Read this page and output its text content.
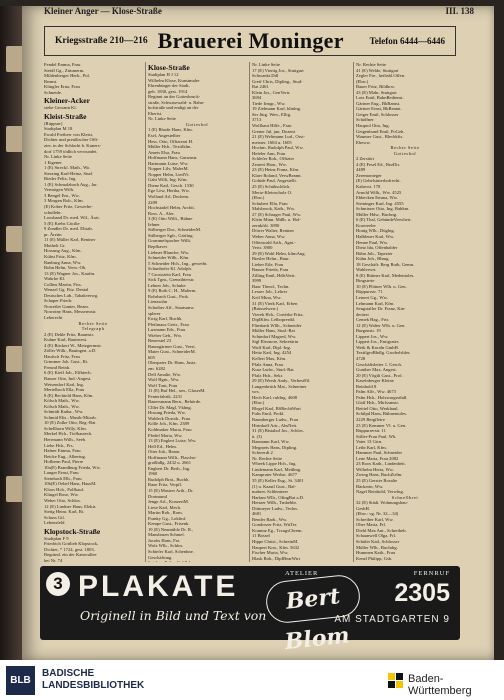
Kleiner Anger — Klose-Straße	III. 138
Kriegsstraße 210—216 Brauerei Moninger	Telefon 6444—6446
Fendel Emma, Frau
Steidl Gg., Zimmerm.
Mildenberger Herb., Pol.
Beamt.
Klingler Erna, Frau
Schneide.
Kleiner-Acker
siehe Gewann Kl.
Kleist-Straße
(Rüppurr)
Stadtplan M 18
Ewald Freiherr von Kleist,
Dichter und preußischer Offi-
zier, in der Schlacht b. Kuners-
dorf 1759 tödlich verwundet.
Nr. Linke Seite
1 Eigener
1 (E) Streckf. Math., Wo.
Sterzing Karl-Heinz, Stud.
Bieder Felix, Ing.
1 (E) Schmalzbach Aug., Jur.
Vermögen Wilh.
3 Bengel Em., Ww.
3 Morgen Rob., Kfm.
(E) Kober Fritz, Gewerbe-
schullehr.
Loosband Dr. med. Wil., Ärzt.
5 (E) Krebs Cäcilie
9 Zondler Dr. med. Elisab.
pr. Ärztin
11 (E) Müller Karl, Rentner
Muthelt Gr.
Horsung Aug., Kfm.
Kühst Fritz, Kfm.
Banburg Anna, Ww.
Bohn Helm, Verw.-Ob.
13 (E) Wagner Jos., Kaufm.
Wahrke Kl.
Collins Martin, Fiss.
Wenzel Gg. Fitz. Dental
Deutsches Lab., Tabakverwg.
Schaper Friedr.
Noweiler Gunter, Beam.
Nowotny Hans, Messermstr.
Leberecht
Rechte Seite
Telegraph
2 (E) Dehle Fritz, Baumstr.
Kuhne Karl, Bauinvest.
4 (E) Rückert W., Metzgermstr.
Zöller Wilh., Bauingen. a.D.
Haufsch Fritz, Frau
Grimmer Joh. Gust., Rt.
Freund Reinh.
6 (E) Kieff Joh., Elfbtech.
Bauser Otto, Ind.-Angest.
Weisendorf Karl, Ing.
Mertelbach Ella, Frau
8 (E) Bechtold Hans, Kfm.
Kölsch Math., Ww.
Kölsch Math., Ww.
Schmidt Katha., Ww.
Schmid Elis., Musik-Mitarb.
10 (E) Zolke Otto, Reg.-Rat
Schellhorn Willy, Kfm.
Merkel Hch., Tiefbautech.
Herrmann Wilh., Seeb.
Liehe Hch., Frs.
Hafner Emma, Frau
Beicke Eug., Albertug.
Hofherm Paul, Pierre
10a(E) Brandburg Frieda, Ww.
Langer Ernst, Frau
Steinbach Elb., Frau
10b(E) Oehel Hans, HausM.
Kloos Hch., Polfkauf.
Klingel Rose, Ww.
Weber Otto, Schlos.
12 (E) Lindner Hans, Elektr.
Stetig Heinr. Karl, Rt.
Schuss Gtl.
Lebensfeld
Klopstock-Straße
Stadtplan F 9
Friedrich Gottlieb Klopstock,
Dichter, * 1724, gest. 1803,
Begründ. ein der Kaiserallee
bei Nr. 74
Klose-Straße
Stadtplan H J 12
Wilhelm Klose, Kunstmaler
Ehrenbürger der Stadt,
geb. 1830, gest. 1914
Beginnt an der Gottesbruck-
straße, Schwarzwald- u. Bahn-
hofstraße und endigt an der
Ebertst.
Nr. Linke Seite
Gotteshof
1 (E) Rhode Hans, Kfm.
Esel, Angestellter
Hess. Otto, Offizierat H.
Müller Hch., Textilklm.
Ameis Elsa, Frau
Hoffmann Hans, Gutsmstr.
Hartmann Luise, Ww.
Nopper Lilv, MalerM.
Nopper Helm, LiedVt.
Gabi Willi, Ing. Kfm.
Dienz Karl, Gesch. 1330
Ege Löw, Hertha, Ww.
Wolland Arl, Dechem.
2209
Hochstadel Helm, Archit.
Ross. A., Aler.
3 (E) Otto Willi., Bühne
Iehner
Stilberger Dor., SchneiderM.
Stilberger Sgfr., Gärfing.
Grommelspacher Willi.
Repfhaver
Liebner Blanche, Ww.
Schneider Wilh., Kfm.
5 Schneider Hch., Ing., gewerbt.
Schunhofer Kl. Adolph.
7 Grossstein Karl, Frau
Sick Tgm., Grenzthierstr.
Lehner Joh., Schuhe
9 (E) Roth C. H., Malerm.
Rohrbach Gust., Prok.
Lienzsohn
Schoiber Aff., Staatsanw.
splerer
Ewig Karl, Buchh.
Pfeilmaus Gertr., Frau
Luxmann Erb., Frau
Wieber Geb., Ww.
Beuerstel 23
Baumgärtner Gust., Verst.
Maier Gust., SchneiderM.
605
Oberpaier Dr. Hans, Justz.
zm. 6282
Dell Amalie, Ww.
Wolf Hgm., Ww.
Wolf Toni, Frau
11 (E) Buf Hel., sen., GlaserM.
Fenterfabrik. 2231
Bauersmann Bern., Behörde.
Clllet Dr. Magl, Vkhng.
Hosung Frieda, Ww.
Waldeck Dorotb., Frau
Kölle Joh., Kfm. 2389
Koldmaker Maria, Frau
Pfedel Maria, Ww.
13 (E) Englert Luise, Ww.
Hell Ed., Helm.
Otter Job., Beam.
Hoffmann Willi., Flaschn-
großhdlg. 2432 u. 2661
Engbert Dr. Berh., Ing.
1960
Rudolph Brat., Buchh.
Raue Fritz, Verpfl.
15 (E) Mastrer Arth., Dr.
Dortmund
Jenge Arl., KonzertM.
Liese Karl, Mech.
Martin Rob., Rom.
Franky Gg., Lokfmf.
Kempe Gust., Frisenk.
19 (E) Neumühle Dr. R.,
Mansbruen Schmel.
Jacobs Hans, Frz.
Wolz Wlh., Schlos.
Schiefer Karl, Schenhne.
Geschäftung.
Nr. Linke Seite
17 (E) Viertig Jos., Stuttgart
Schwankt.Ddl
Greif Chris, Dipling., Stud-
Rat 2461
Klein Jos., GenVertr.
3694
Tiede Irmgr., Ww.
19 Zielmann Karl, klinlng.
Ser Jürg. Wen., Elltg.
3713
Wolfhaut Hilfe., Frau
Grener Jul. jun. Dozent
21 (E) Weltmann Lud., Orst-
meister. 1604 u. 1605
Hochm. Rudolph Paul, Ww.
Hefeler Ann, Frau
Schlefer Rob., Offizier
Zearert Hsm., Ww.
23 (E) Heinz Franz, Kfm.
Klaer Roland, VerwBeamt.
Gohtde Paul, Angestellt.
25 (E) Schübschlich.
Mertz-Kleinscholz O.
(Ebw.)
Schubert Ella, Frau
Malsbrook, Kath., Ww.
27 (E) Schrager Paul, Ww.
Klein Minn. Mdlh. u. Hol-
zernkfrlt. 3890
Dörrer Walter, Rentner
Weber Anna, Ww.
Offenwald Arth., Agnt.-
Vertr. 3900
29 (E) Wohl Helm, klimAng.
Biesler Helm., Baur.
Lieher Eile, Frau
Bauser Frieda, Frau
Zilling Emil, HdlsVertr.
3999
Baur Theod., Techn.
Lesser Joh., Lehrer
Keil Mina, Ww.
31 (E) Vierk Karl, Erben
(Brüsselwerr.)
Vierek Hch., Cortérke Fritz,
DipIKfm. Lelboprerdtl.
Flimbach Wllh., Schneider
Müller Hans, Stud.-Rat
Schindorf Magred, Ww.
Sigl Eleonore, Sekretärin
Wulf Karl, Dipl.-Ing.
Heitz Karl, Ing. 4254
Kellert Max, Kfm.
Pfalz Anna, Frau
Kurz Ludw., Stud.-Rat
Pfalz Hch., Sekr.
29 (E) Wersh Andy., VerbestFil.
Langenbrück Mat., Schneiner
wrs.
Hech Karl, ruhIng. 4608
(Ebw.)
Rlegel Karl, BSRechtWart
Fuhs Emil, Prokl.
Baumberger Ludw., Frau
Hirinkoff Artr., AbsNett.
31 (E) Bistahol Jos., Schlos.
ü. (3)
Baumann Karl, Ww.
Megmets Hans, Dipling.
Schwerdt 2
Nr. Rechte Seite
Wheek Lippe Hch., Ing.
Lindemann Karl, Meißing.
Kamprater Werbst. 4677
35 (E) Keller Eug., St. 3401
(1) u. Kaasil Gust., Bal-
mabrer, Schlenterer
Harlam Wlh., OfingBat a.D.
Hertzer Wilh., Tmbehbr.
Dittmeyer Ludw., Techn.
4681
Bender Barb., Ww.
Gondorzer Fritz, WüTer.
Kommz Eg., TrzugsChrem.
11 Bossel
Hippe Christ., SchreinM.
Haupert Kon., Kfm. 5632
Fischer Maria, Ww.
Blask Rob., DipIBearWirt
Nr. Rechte Seite
41 (E) Welde, Stuttgart
Zegler Fre., heiltsbl.Offen.
(Ebw.)
Bauer Fritz, Bildhrw.
43 (E) Mahr, Stuttgart
Lotz Emil, BahnBedienst.
Gärtner Eug., BkRamst.
Gärtner Ernst, BkBeamt.
Geiger Emil, Schlosser
Schäffner
Hauptol Otto, Ing.
Geigenbund Emil, PoGeh.
Waumer Gust., Blechkfts.
Eheww.
Rechte Seite
Gotteshof
2 Zerstört
4 (E) Fesel Ed., BezDir.
4489
Zeremonieger
(E) Gebelsinterhofrecht.
Kalserst. 178
Arnold Wilh., Ww. 4525
Ebbecken Emma, Ww.
Strininger Karl, Ing. 4555
Schmisser Otto, Ing. Bahkm.
Müller Hdw., Buchng.
6 (E) Thal, GebündeVerwhert.
Kosereeler
Honig Wlh., Düglng.
Halbleuer Karl, Ww.
Henne Paul, Ww.
Dietz Ida, Offenbalder
Bühn Joh., Tapezier
Kühn Joh., Bhmg.
18 Geschäft: Berg Ruth, Gemn.
Wahlerwrt.
8 (E) Büttner Karl, Medentoles.
Bingstrrte
10 (E) Plötner Wlh. u. Gen.
Rüppurrstr. 71
Leinert Gg., Ww.
Lehmann Karl, Kfm.
Sengstaller Dr. Franz, Kin-
derärzt
Cemek Hag., Frtr.
12 (E) Walter Wlh. u. Gen.
Burgenstr. 19
Lippert Jos., Ww.
Lippert Jos., Emigrates
Weik & Koraln GmbH.
TextilgroBhdlg. Groderlshler.
4728
Geschäftsleiter 1. Gesch.
Gunther Max, Angest.
20 (E) Vögtli Gust., Prof.
Kaselnberger Kleine
Reinhold 8
Palm Alfr., Ww. 4673
Palm Hch., Holzwargrsthdl.
Glaff Hch., Mirfssmstr.
Beittel Otto, Werkhaul.
Schilpd Hans, Bühnentoles.
2229 Bergfleire
23 (E) Kemmer Vl. u. Gen.
Rüppurrerstr. 11
Stiller-Frau Paul, Wh.
Vater 13 Grtn.
Leiht Karl, Kfm.
Hammer Paul, Schneider
Lene Maria, Frau 2082
23 Roos Kath., Lindenheit.
Wilhelm Herta, Ww.
Zwing Hans, BuchZtrIm.
25 (E) Gerster Rosalie
Bäckerin, Ww.
Nagel Reinhold, Verwlng.
Schnellbrei
32 (E) Städt. Wohnungsbau-
GesbH.
(Ebw.: vg. Nr. 32—34)
Schreiber Karl, Ww.
Oher Maria, Frl.
Diehl Max Ant., Schreibelr.
Schaanwell Olga, Frl.
Schäfer Karl, Schlosser
Müller Wlh., Buchdrg.
Hummen Kath., Frau
Kenzl Philipp, Gsb.
3 PLAKATE
Originell in Bild und Text von
ATELIER
Bert Blom
FERNRUF
2305
AM STADTGARTEN 9
BLB
BADISCHE
LANDESBIBLIOTHEK
Baden-Württemberg
